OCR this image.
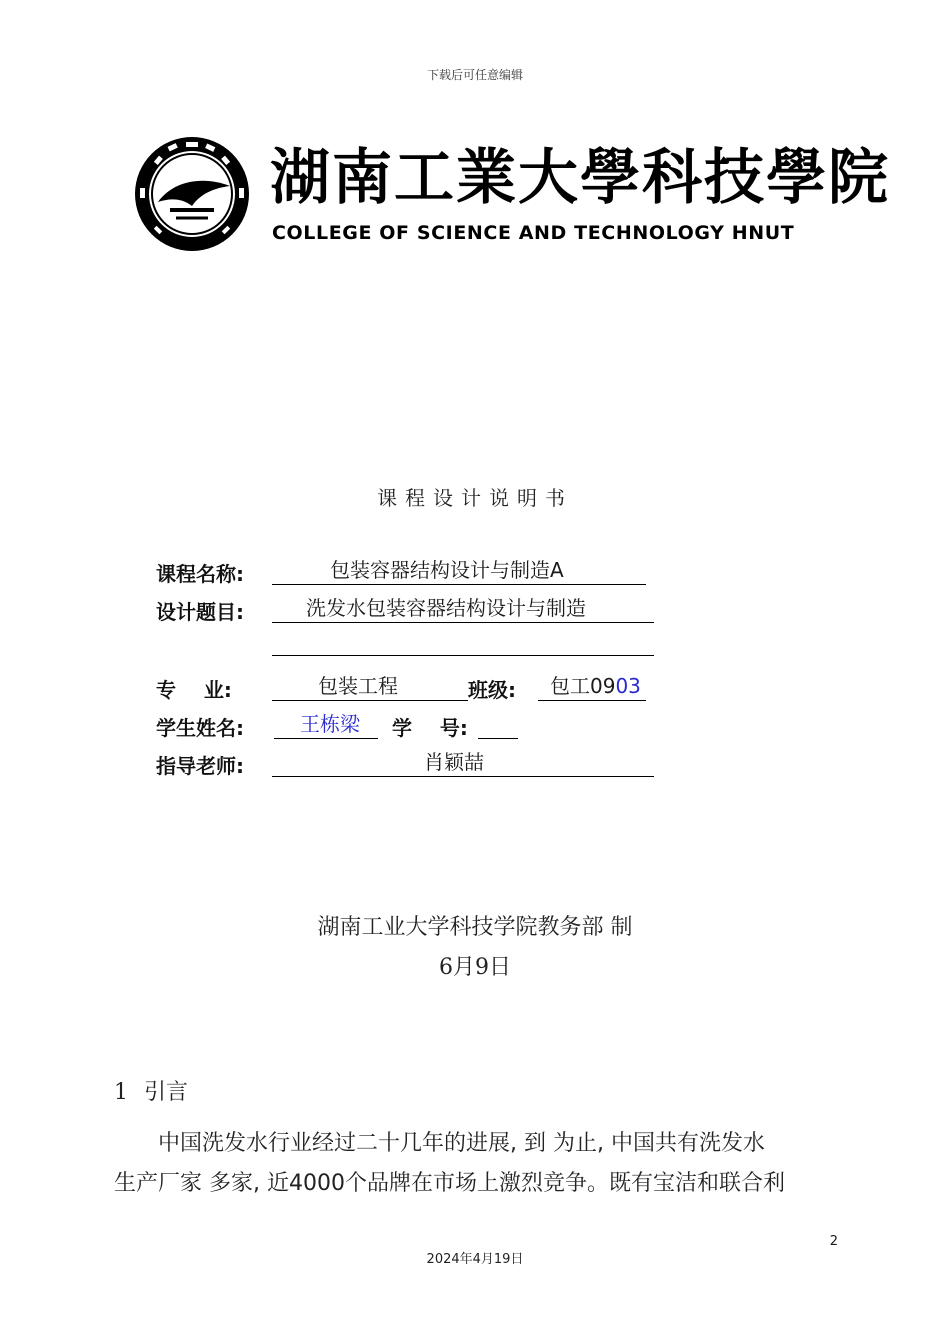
下载后可任意编辑
湖南工業大學科技學院
COLLEGE OF SCIENCE AND TECHNOLOGY HNUT
课程设计说明书
课程名称:	包装容器结构设计与制造A
设计题目:	洗发水包装容器结构设计与制造
专    业:	包装工程	班级: 包工0903
学生姓名:	王栋梁 学    号:
指导老师:	肖颖喆
湖南工业大学科技学院教务部 制
6月9日
1 引言
中国洗发水行业经过二十几年的进展, 到 为止, 中国共有洗发水
生产厂家 多家, 近4000个品牌在市场上激烈竞争。既有宝洁和联合利
2
2024年4月19日
